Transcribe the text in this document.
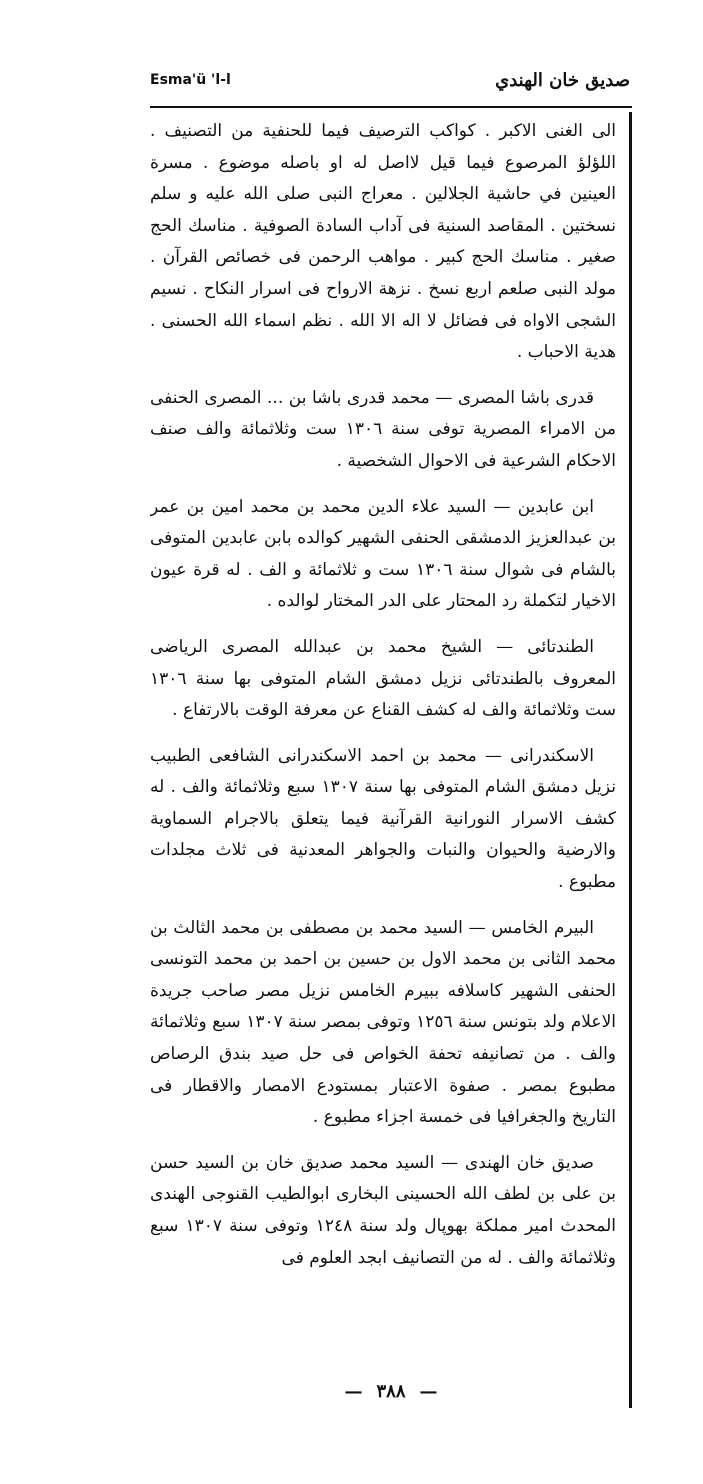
Esma'ü 'l-l	صديق خان الهندي

الى الغنى الاكبر . كواكب الترصيف فيما للحنفية من التصنيف . اللؤلؤ المرصوع فيما قيل لااصل له او باصله موضوع . مسرة العينين في حاشية الجلالين . معراج النبى صلى الله عليه و سلم نسختين . المقاصد السنية فى آداب السادة الصوفية . مناسك الحج صغير . مناسك الحج كبير . مواهب الرحمن فى خصائص القرآن . مولد النبى صلعم اربع نسخ . نزهة الارواح فى اسرار النكاح . نسيم الشجى الاواه فى فضائل لا اله الا الله . نظم اسماء الله الحسنى . هدية الاحباب .

قدرى باشا المصرى — محمد قدرى باشا بن ... المصرى الحنفى من الامراء المصرية توفى سنة ١٣٠٦ ست وثلاثمائة والف صنف الاحكام الشرعية فى الاحوال الشخصية .

ابن عابدين — السيد علاء الدين محمد بن محمد امين بن عمر بن عبدالعزيز الدمشقى الحنفى الشهير كوالده بابن عابدين المتوفى بالشام فى شوال سنة ١٣٠٦ ست و ثلاثمائة و الف . له قرة عيون الاخيار لتكملة رد المحتار على الدر المختار لوالده .

الطندتائى — الشيخ محمد بن عبدالله المصرى الرياضى المعروف بالطندتائى نزيل دمشق الشام المتوفى بها سنة ١٣٠٦ ست وثلاثمائة والف له كشف القناع عن معرفة الوقت بالارتفاع .

الاسكندرانى — محمد بن احمد الاسكندرانى الشافعى الطبيب نزيل دمشق الشام المتوفى بها سنة ١٣٠٧ سبع وثلاثمائة والف . له كشف الاسرار النورانية القرآنية فيما يتعلق بالاجرام السماوية والارضية والحيوان والنبات والجواهر المعدنية فى ثلاث مجلدات مطبوع .

البيرم الخامس — السيد محمد بن مصطفى بن محمد الثالث بن محمد الثانى بن محمد الاول بن حسين بن احمد بن محمد التونسى الحنفى الشهير كاسلافه ببيرم الخامس نزيل مصر صاحب جريدة الاعلام ولد بتونس سنة ١٢٥٦ وتوفى بمصر سنة ١٣٠٧ سبع وثلاثمائة والف . من تصانيفه تحفة الخواص فى حل صيد بندق الرصاص مطبوع بمصر . صفوة الاعتبار بمستودع الامصار والاقطار فى التاريخ والجغرافيا فى خمسة اجزاء مطبوع .

صديق خان الهندى — السيد محمد صديق خان بن السيد حسن بن على بن لطف الله الحسينى البخارى ابوالطيب القنوجى الهندى المحدث امير مملكة بهوپال ولد سنة ١٢٤٨ وتوفى سنة ١٣٠٧ سبع وثلاثمائة والف . له من التصانيف ابجد العلوم فى

— ٣٨٨ —
